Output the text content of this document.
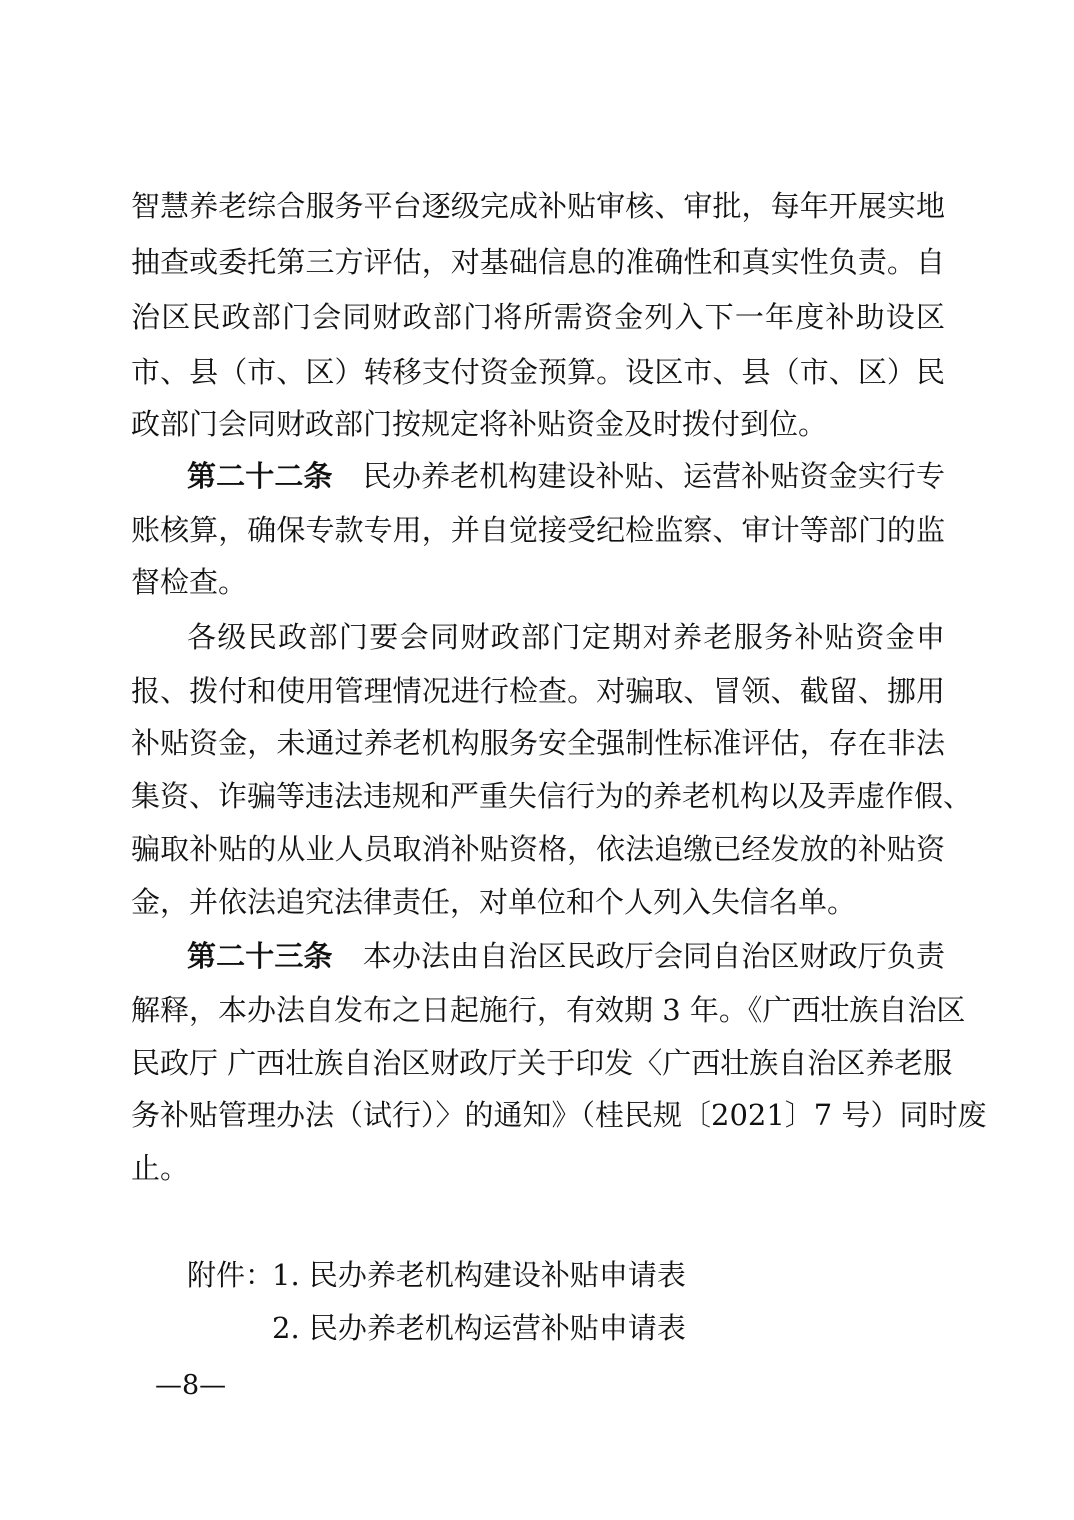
智慧养老综合服务平台逐级完成补贴审核、审批，每年开展实地
抽查或委托第三方评估，对基础信息的准确性和真实性负责。自
治区民政部门会同财政部门将所需资金列入下一年度补助设区
市、县（市、区）转移支付资金预算。设区市、县（市、区）民
政部门会同财政部门按规定将补贴资金及时拨付到位。
第二十二条 民办养老机构建设补贴、运营补贴资金实行专
账核算，确保专款专用，并自觉接受纪检监察、审计等部门的监
督检查。
各级民政部门要会同财政部门定期对养老服务补贴资金申
报、拨付和使用管理情况进行检查。对骗取、冒领、截留、挪用
补贴资金，未通过养老机构服务安全强制性标准评估，存在非法
集资、诈骗等违法违规和严重失信行为的养老机构以及弄虚作假、
骗取补贴的从业人员取消补贴资格，依法追缴已经发放的补贴资
金，并依法追究法律责任，对单位和个人列入失信名单。
第二十三条 本办法由自治区民政厅会同自治区财政厅负责
解释，本办法自发布之日起施行，有效期 3 年。《广西壮族自治区
民政厅 广西壮族自治区财政厅关于印发〈广西壮族自治区养老服
务补贴管理办法（试行）〉的通知》（桂民规〔2021〕7 号）同时废
止。
附件：
1. 民办养老机构建设补贴申请表
2. 民办养老机构运营补贴申请表
—8—
